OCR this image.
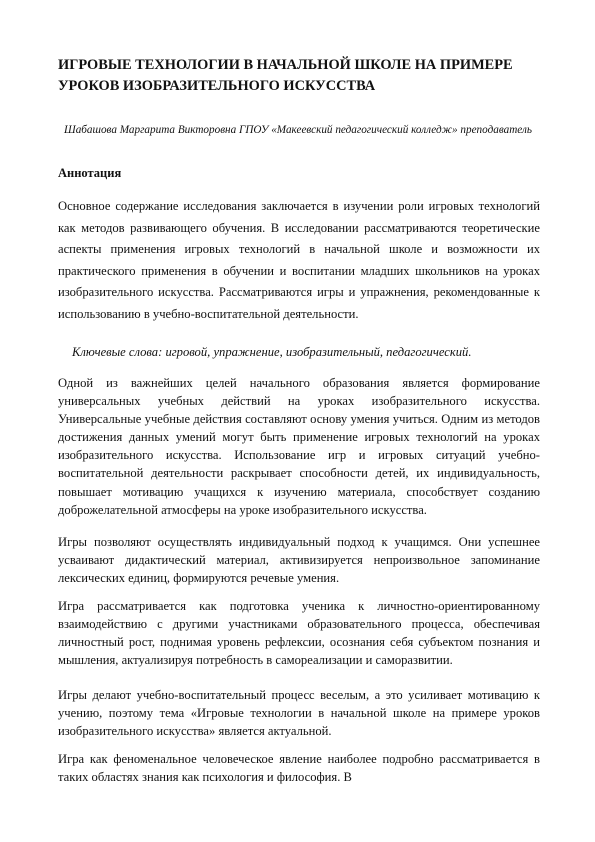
ИГРОВЫЕ ТЕХНОЛОГИИ В НАЧАЛЬНОЙ ШКОЛЕ НА ПРИМЕРЕ УРОКОВ ИЗОБРАЗИТЕЛЬНОГО ИСКУССТВА

Шабашова Маргарита Викторовна ГПОУ «Макеевский педагогический колледж» преподаватель

Аннотация

Основное содержание исследования заключается в изучении роли игровых технологий как методов развивающего обучения. В исследовании рассматриваются теоретические аспекты применения игровых технологий в начальной школе и возможности их практического применения в обучении и воспитании младших школьников на уроках изобразительного искусства. Рассматриваются игры и упражнения, рекомендованные к использованию в учебно-воспитательной деятельности.

Ключевые слова: игровой, упражнение, изобразительный, педагогический.

Одной из важнейших целей начального образования является формирование универсальных учебных действий на уроках изобразительного искусства. Универсальные учебные действия составляют основу умения учиться. Одним из методов достижения данных умений могут быть применение игровых технологий на уроках изобразительного искусства. Использование игр и игровых ситуаций учебно-воспитательной деятельности раскрывает способности детей, их индивидуальность, повышает мотивацию учащихся к изучению материала, способствует созданию доброжелательной атмосферы на уроке изобразительного искусства.

Игры позволяют осуществлять индивидуальный подход к учащимся. Они успешнее усваивают дидактический материал, активизируется непроизвольное запоминание лексических единиц, формируются речевые умения.

Игра рассматривается как подготовка ученика к личностно-ориентированному взаимодействию с другими участниками образовательного процесса, обеспечивая личностный рост, поднимая уровень рефлексии, осознания себя субъектом познания и мышления, актуализируя потребность в самореализации и саморазвитии.

Игры делают учебно-воспитательный процесс веселым, а это усиливает мотивацию к учению, поэтому тема «Игровые технологии в начальной школе на примере уроков изобразительного искусства» является актуальной.

Игра как феноменальное человеческое явление наиболее подробно рассматривается в таких областях знания как психология и философия. В
